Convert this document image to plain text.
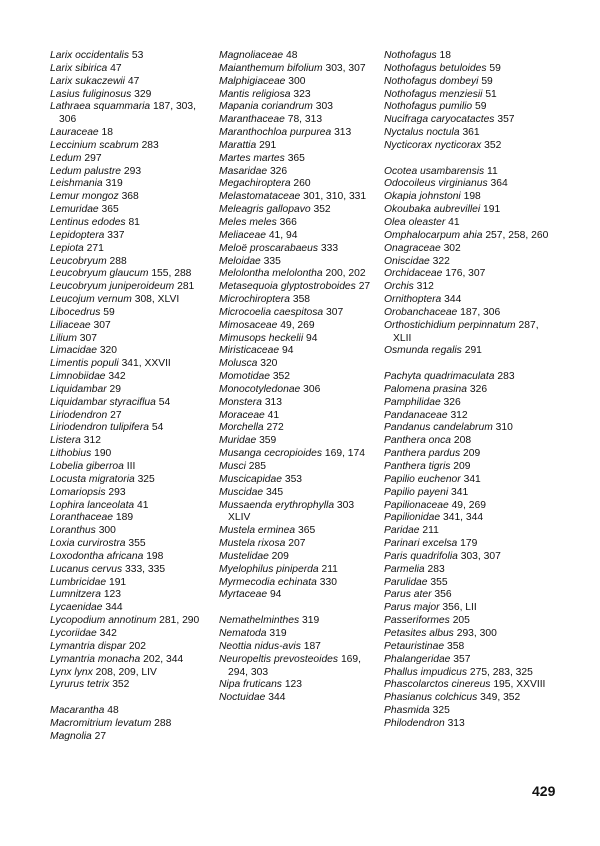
Larix occidentalis 53
Larix sibirica 47
Larix sukaczewii 47
Lasius fuliginosus 329
Lathraea squammaria 187, 303, 306
Lauraceae 18
Leccinium scabrum 283
Ledum 297
Ledum palustre 293
Leishmania 319
Lemur mongoz 368
Lemuridae 365
Lentinus edodes 81
Lepidoptera 337
Lepiota 271
Leucobryum 288
Leucobryum glaucum 155, 288
Leucobryum juniperoideum 281
Leucojum vernum 308, XLVI
Libocedrus 59
Liliaceae 307
Lilium 307
Limacidae 320
Limentis populi 341, XXVII
Limnobiidae 342
Liquidambar 29
Liquidambar styraciflua 54
Liriodendron 27
Liriodendron tulipifera 54
Listera 312
Lithobius 190
Lobelia giberroa III
Locusta migratoria 325
Lomariopsis 293
Lophira lanceolata 41
Loranthaceae 189
Loranthus 300
Loxia curvirostra 355
Loxodontha africana 198
Lucanus cervus 333, 335
Lumbricidae 191
Lumnitzera 123
Lycaenidae 344
Lycopodium annotinum 281, 290
Lycoriidae 342
Lymantria dispar 202
Lymantria monacha 202, 344
Lynx lynx 208, 209, LIV
Lyrurus tetrix 352
Macarantha 48
Macromitrium levatum 288
Magnolia 27
Magnoliaceae 48
Maianthemum bifolium 303, 307
Malphigiaceae 300
Mantis religiosa 323
Mapania coriandrum 303
Maranthaceae 78, 313
Maranthochloa purpurea 313
Marattia 291
Martes martes 365
Masaridae 326
Megachiroptera 260
Melastomataceae 301, 310, 331
Meleagris gallopavo 352
Meles meles 366
Meliaceae 41, 94
Meloë proscarabaeus 333
Meloidae 335
Melolontha melolontha 200, 202
Metasequoia glyptostroboides 27
Microchiroptera 358
Microcoelia caespitosa 307
Mimosaceae 49, 269
Mimusops heckelii 94
Miristicaceae 94
Molusca 320
Momotidae 352
Monocotyledonae 306
Monstera 313
Moraceae 41
Morchella 272
Muridae 359
Musanga cecropioides 169, 174
Musci 285
Muscicapidae 353
Muscidae 345
Mussaenda erythrophylla 303 XLIV
Mustela erminea 365
Mustela rixosa 207
Mustelidae 209
Myelophilus piniperda 211
Myrmecodia echinata 330
Myrtaceae 94
Nemathelminthes 319
Nematoda 319
Neottia nidus-avis 187
Neuropeltis prevosteoides 169, 294, 303
Nipa fruticans 123
Noctuidae 344
Nothofagus 18
Nothofagus betuloides 59
Nothofagus dombeyi 59
Nothofagus menziesii 51
Nothofagus pumilio 59
Nucifraga caryocatactes 357
Nyctalus noctula 361
Nycticorax nycticorax 352
Ocotea usambarensis 11
Odocoileus virginianus 364
Okapia johnstoni 198
Okoubaka aubrevillei 191
Olea oleaster 41
Omphalocarpum ahia 257, 258, 260
Onagraceae 302
Oniscidae 322
Orchidaceae 176, 307
Orchis 312
Ornithoptera 344
Orobanchaceae 187, 306
Orthostichidium perpinnatum 287, XLII
Osmunda regalis 291
Pachyta quadrimaculata 283
Palomena prasina 326
Pamphilidae 326
Pandanaceae 312
Pandanus candelabrum 310
Panthera onca 208
Panthera pardus 209
Panthera tigris 209
Papilio euchenor 341
Papilio payeni 341
Papilionaceae 49, 269
Papilionidae 341, 344
Paridae 211
Parinari excelsa 179
Paris quadrifolia 303, 307
Parmelia 283
Parulidae 355
Parus ater 356
Parus major 356, LII
Passeriformes 205
Petasites albus 293, 300
Petauristinae 358
Phalangeridae 357
Phallus impudicus 275, 283, 325
Phascolarctos cinereus 195, XXVIII
Phasianus colchicus 349, 352
Phasmida 325
Philodendron 313
429
